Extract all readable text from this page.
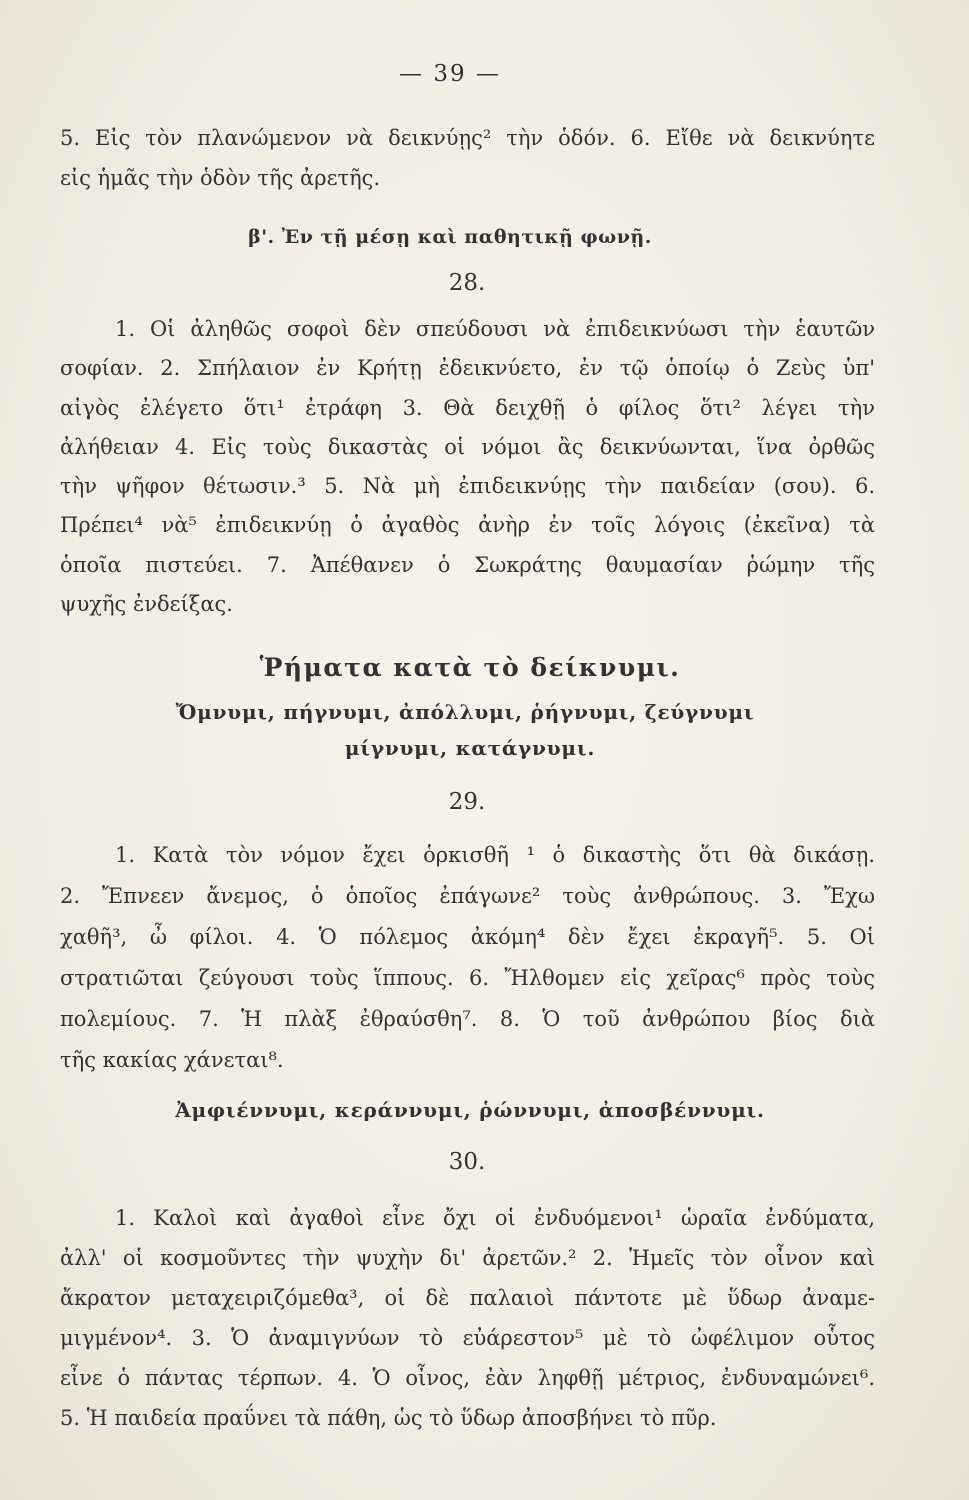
— 39 —
5. Εἰς τὸν πλανώμενον νὰ δεικνύῃς² τὴν ὁδόν. 6. Εἴθε νὰ δεικνύητε
εἰς ἡμᾶς τὴν ὁδὸν τῆς ἀρετῆς.
β'. Ἐν τῇ μέσῃ καὶ παθητικῇ φωνῇ.
28.
1. Οἱ ἀληθῶς σοφοὶ δὲν σπεύδουσι νὰ ἐπιδεικνύωσι τὴν ἑαυτῶν
σοφίαν. 2. Σπήλαιον ἐν Κρήτῃ ἐδεικνύετο, ἐν τῷ ὁποίῳ ὁ Ζεὺς ὑπ'
αἰγὸς ἐλέγετο ὅτι¹ ἐτράφη 3. Θὰ δειχθῇ ὁ φίλος ὅτι² λέγει τὴν
ἀλήθειαν 4. Εἰς τοὺς δικαστὰς οἱ νόμοι ἂς δεικνύωνται, ἵνα ὀρθῶς
τὴν ψῆφον θέτωσιν.³ 5. Νὰ μὴ ἐπιδεικνύῃς τὴν παιδείαν (σου). 6.
Πρέπει⁴ νὰ⁵ ἐπιδεικνύῃ ὁ ἀγαθὸς ἀνὴρ ἐν τοῖς λόγοις (ἐκεῖνα) τὰ
ὁποῖα πιστεύει. 7. Ἀπέθανεν ὁ Σωκράτης θαυμασίαν ῥώμην τῆς
ψυχῆς ἐνδείξας.
Ῥήματα κατὰ τὸ δείκνυμι.
Ὄμνυμι, πήγνυμι, ἀπόλλυμι, ῥήγνυμι, ζεύγνυμι
μίγνυμι, κατάγνυμι.
29.
1. Κατὰ τὸν νόμον ἔχει ὁρκισθῆ ¹ ὁ δικαστὴς ὅτι θὰ δικάσῃ.
2. Ἔπνεεν ἄνεμος, ὁ ὁποῖος ἐπάγωνε² τοὺς ἀνθρώπους. 3. Ἔχω
χαθῆ³, ὦ φίλοι. 4. Ὁ πόλεμος ἀκόμη⁴ δὲν ἔχει ἐκραγῆ⁵. 5. Οἱ
στρατιῶται ζεύγουσι τοὺς ἵππους. 6. Ἤλθομεν εἰς χεῖρας⁶ πρὸς τοὺς
πολεμίους. 7. Ἡ πλὰξ ἐθραύσθη⁷. 8. Ὁ τοῦ ἀνθρώπου βίος διὰ
τῆς κακίας χάνεται⁸.
Ἀμφιέννυμι, κεράννυμι, ῥώννυμι, ἀποσβέννυμι.
30.
1. Καλοὶ καὶ ἀγαθοὶ εἶνε ὄχι οἱ ἐνδυόμενοι¹ ὡραῖα ἐνδύματα,
ἀλλ' οἱ κοσμοῦντες τὴν ψυχὴν δι' ἀρετῶν.² 2. Ἡμεῖς τὸν οἶνον καὶ
ἄκρατον μεταχειριζόμεθα³, οἱ δὲ παλαιοὶ πάντοτε μὲ ὕδωρ ἀναμε-
μιγμένον⁴. 3. Ὁ ἀναμιγνύων τὸ εὐάρεστον⁵ μὲ τὸ ὠφέλιμον οὗτος
εἶνε ὁ πάντας τέρπων. 4. Ὁ οἶνος, ἐὰν ληφθῇ μέτριος, ἐνδυναμώνει⁶.
5. Ἡ παιδεία πραΰνει τὰ πάθη, ὡς τὸ ὕδωρ ἀποσβήνει τὸ πῦρ.
